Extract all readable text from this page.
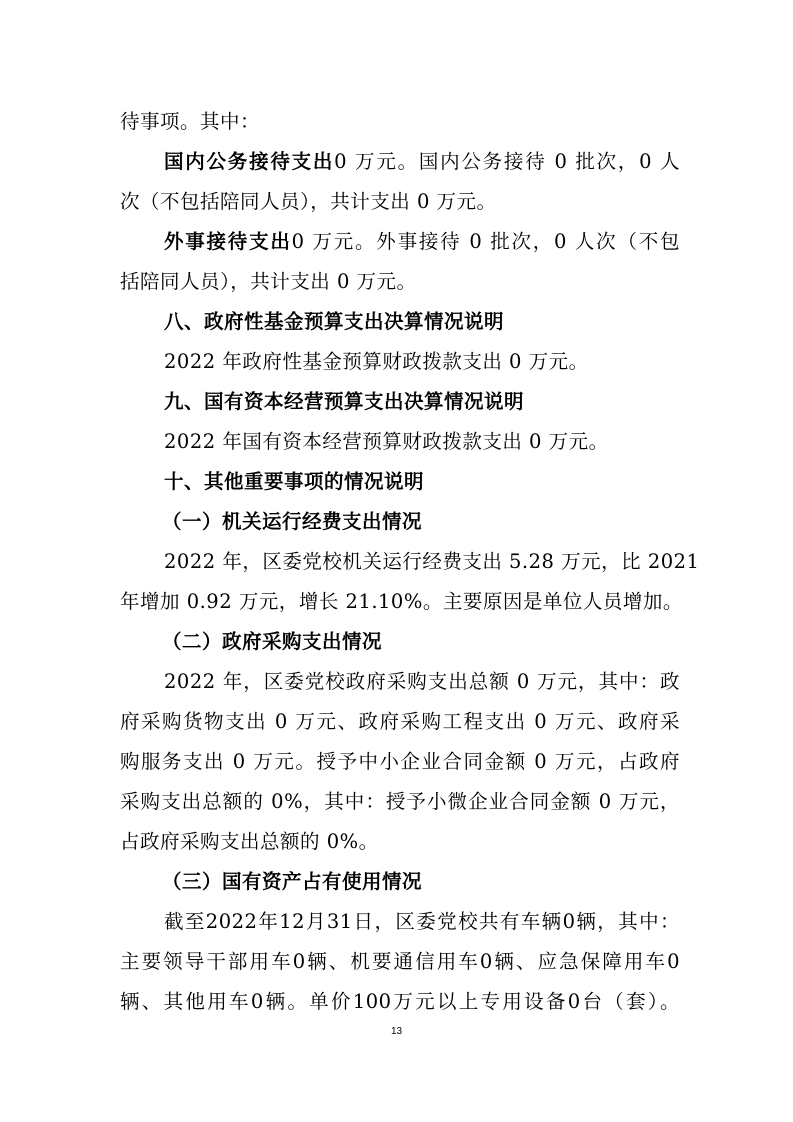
待事项。其中：
国内公务接待支出0 万元。国内公务接待 0 批次，0 人
次（不包括陪同人员），共计支出 0 万元。
外事接待支出0 万元。外事接待 0 批次，0 人次（不包
括陪同人员），共计支出 0 万元。
八、政府性基金预算支出决算情况说明
2022 年政府性基金预算财政拨款支出 0 万元。
九、国有资本经营预算支出决算情况说明
2022 年国有资本经营预算财政拨款支出 0 万元。
十、其他重要事项的情况说明
（一）机关运行经费支出情况
2022 年，区委党校机关运行经费支出 5.28 万元，比 2021
年增加 0.92 万元，增长 21.10%。主要原因是单位人员增加。
（二）政府采购支出情况
2022 年，区委党校政府采购支出总额 0 万元，其中：政
府采购货物支出 0 万元、政府采购工程支出 0 万元、政府采
购服务支出 0 万元。授予中小企业合同金额 0 万元，占政府
采购支出总额的 0%，其中：授予小微企业合同金额 0 万元，
占政府采购支出总额的 0%。
（三）国有资产占有使用情况
截至2022年12月31日，区委党校共有车辆0辆，其中：
主要领导干部用车0辆、机要通信用车0辆、应急保障用车0
辆、其他用车0辆。单价100万元以上专用设备0台（套）。
13
